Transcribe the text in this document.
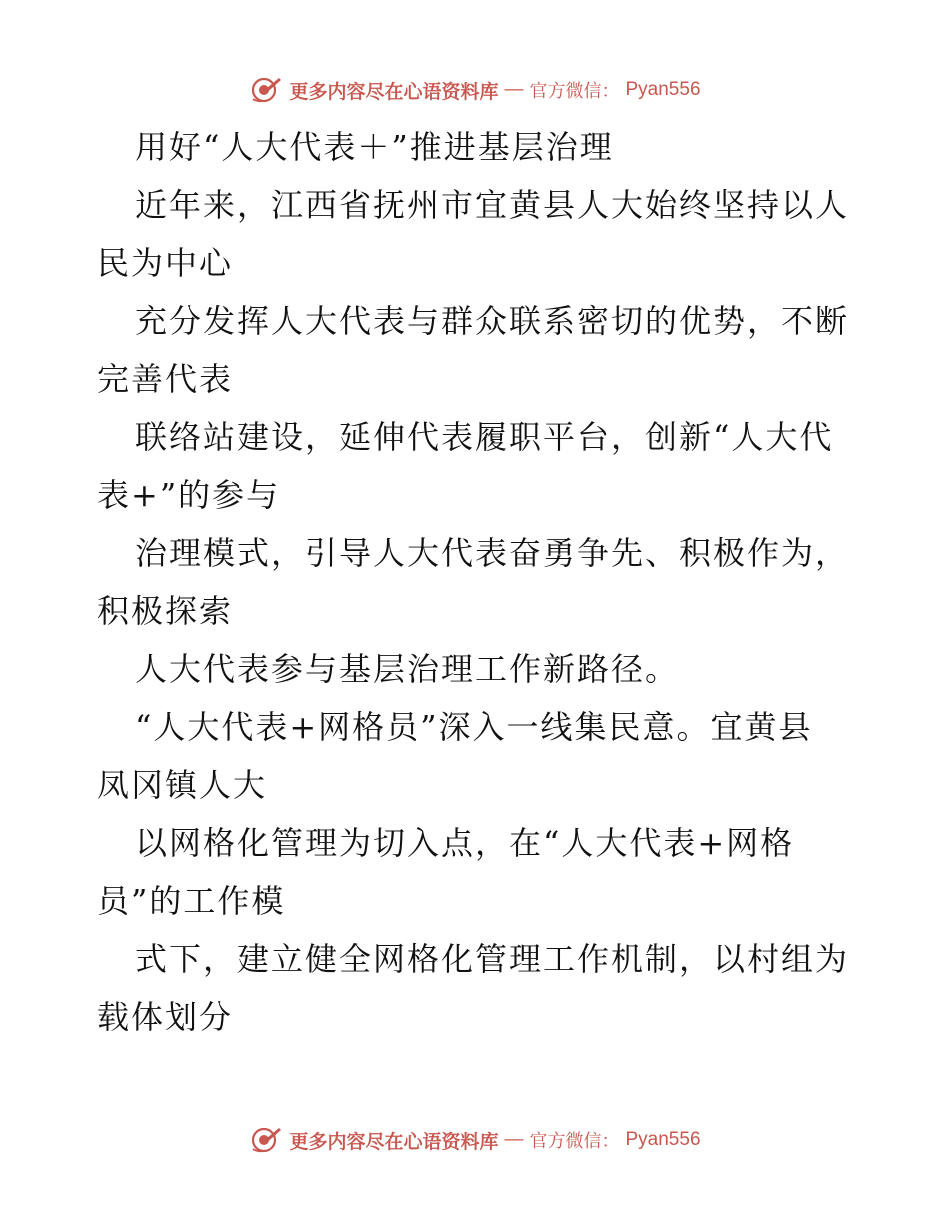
更多内容尽在心语资料库 — 官方微信： Pyan556
用好“人大代表＋”推进基层治理
近年来，江西省抚州市宜黄县人大始终坚持以人
民为中心
充分发挥人大代表与群众联系密切的优势，不断
完善代表
联络站建设，延伸代表履职平台，创新“人大代
表+”的参与
治理模式，引导人大代表奋勇争先、积极作为，
积极探索
人大代表参与基层治理工作新路径。
“人大代表+网格员”深入一线集民意。宜黄县
凤冈镇人大
以网格化管理为切入点，在“人大代表+网格
员”的工作模
式下，建立健全网格化管理工作机制，以村组为
载体划分
更多内容尽在心语资料库 — 官方微信： Pyan556
